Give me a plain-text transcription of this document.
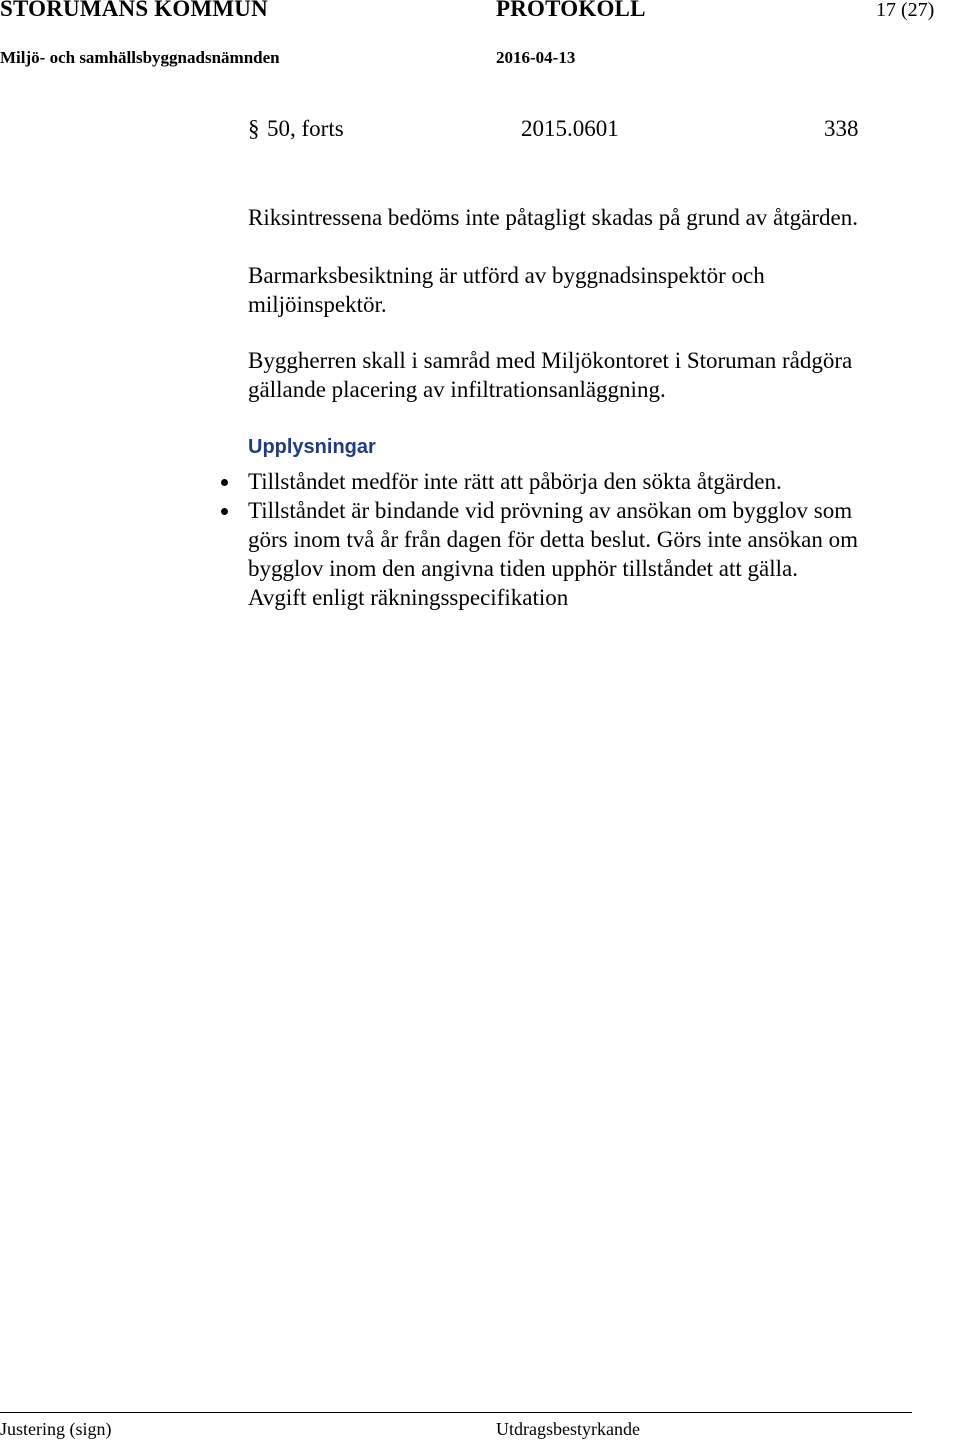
STORUMANS KOMMUN	PROTOKOLL	17 (27)
Miljö- och samhällsbyggnadsnämnden	2016-04-13
§ 50, forts	2015.0601	338
Riksintressena bedöms inte påtagligt skadas på grund av åtgärden.
Barmarksbesiktning är utförd av byggnadsinspektör och
miljöinspektör.
Byggherren skall i samråd med Miljökontoret i Storuman rådgöra
gällande placering av infiltrationsanläggning.
Upplysningar
Tillståndet medför inte rätt att påbörja den sökta åtgärden.
Tillståndet är bindande vid prövning av ansökan om bygglov som
görs inom två år från dagen för detta beslut. Görs inte ansökan om
bygglov inom den angivna tiden upphör tillståndet att gälla.
Avgift enligt räkningsspecifikation
Justering (sign)	Utdragsbestyrkande
